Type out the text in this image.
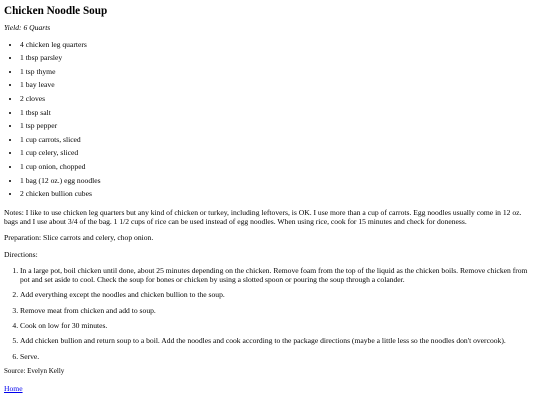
Chicken Noodle Soup
Yield: 6 Quarts
• 4 chicken leg quarters
• 1 tbsp parsley
• 1 tsp thyme
• 1 bay leave
• 2 cloves
• 1 tbsp salt
• 1 tsp pepper
• 1 cup carrots, sliced
• 1 cup celery, sliced
• 1 cup onion, chopped
• 1 bag (12 oz.) egg noodles
• 2 chicken bullion cubes

Notes: I like to use chicken leg quarters but any kind of chicken or turkey, including leftovers, is OK. I use more than a cup of carrots. Egg noodles usually come in 12 oz. bags and I use about 3/4 of the bag. 1 1/2 cups of rice can be used instead of egg noodles. When using rice, cook for 15 minutes and check for doneness.

Preparation: Slice carrots and celery, chop onion.

Directions:

1. In a large pot, boil chicken until done, about 25 minutes depending on the chicken. Remove foam from the top of the liquid as the chicken boils. Remove chicken from pot and set aside to cool. Check the soup for bones or chicken by using a slotted spoon or pouring the soup through a colander.
2. Add everything except the noodles and chicken bullion to the soup.
3. Remove meat from chicken and add to soup.
4. Cook on low for 30 minutes.
5. Add chicken bullion and return soup to a boil. Add the noodles and cook according to the package directions (maybe a little less so the noodles don't overcook).
6. Serve.
Source: Evelyn Kelly
Home
